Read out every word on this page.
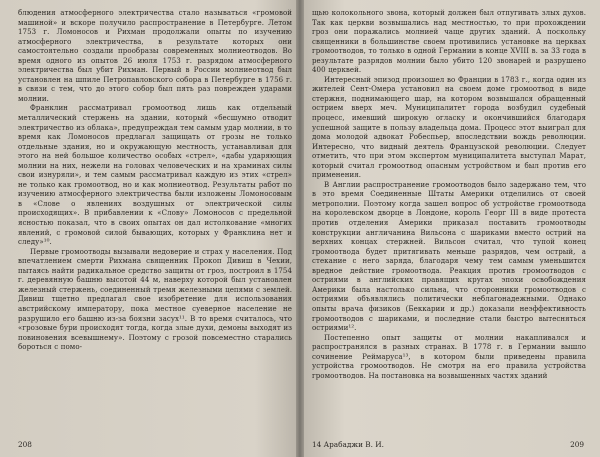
блюдения атмосферного электричества стало называться «громовой машиной» и вскоре получило распространение в Петербурге. Летом 1753 г. Ломоносов и Рихман продолжали опыты по изучению атмосферного электричества, в результате которых они самостоятельно создали прообразы современных молниеотводов. Во время одного из опытов 26 июля 1753 г. разрядом атмосферного электричества был убит Рихман. Первый в России молниеотвод был установлен на шпиле Петропавловского собора в Петербурге в 1756 г. в связи с тем, что до этого собор был пять раз поврежден ударами молнии.

Франклин рассматривал громоотвод лишь как отдельный металлический стержень на здании, который «бесшумно отводит электричество из облака», предупреждая тем самым удар молнии, в то время как Ломоносов предлагал защищать от грозы не только отдельные здания, но и окружающую местность, устанавливая для этого на ней большое количество особых «стрел», «дабы ударяющия молнии на них, нежели на головах человеческих и на храминах силы свои изнуряли», и тем самым рассматривал каждую из этих «стрел» не только как громоотвод, но и как молниеотвод. Результаты работ по изучению атмосферного электричества были изложены Ломоносовым в «Слове о явлениях воздушных от электрической силы происходящих». В прибавлении к «Слову» Ломоносов с предельной ясностью показал, что в своих опытах он дал истолкование «многих явлений, с громовой силой бывающих, которых у Франклина нет и следу»¹⁰.

Первые громоотводы вызывали недоверие и страх у населения. Под впечатлением смерти Рихмана священник Прокоп Дивиш в Чехии, пытаясь найти радикальное средство защиты от гроз, построил в 1754 г. деревянную башню высотой 44 м, наверху которой был установлен железный стержень, соединенный тремя железными цепями с землей. Дивиш тщетно предлагал свое изобретение для использования австрийскому императору, пока местное суеверное население не разрушило его башню из-за боязни засух¹¹. В то время считалось, что «грозовые бури происходят тогда, когда злые духи, демоны выходят из повиновения всевышнему». Поэтому с грозой повсеместно старались бороться с помо-

208

щью колокольного звона, который должен был отпугивать злых духов. Так как церкви возвышались над местностью, то при прохождении гроз они поражались молнией чаще других зданий. А поскольку священники в большинстве своем противились установке на церквах громоотводов, то только в одной Германии в конце XVIII в. за 33 года в результате разрядов молнии было убито 120 звонарей и разрушено 400 церквей.

Интересный эпизод произошел во Франции в 1783 г., когда один из жителей Сент-Омера установил на своем доме громоотвод в виде стержня, поднимающего шар, на котором возвышался обращенный острием вверх меч. Муниципалитет города возбудил судебный процесс, имевший широкую огласку и окончившийся благодаря успешной защите в пользу владельца дома. Процесс этот выиграл для дома молодой адвокат Робеспьер, впоследствии вождь революции. Интересно, что видный деятель Французской революции. Следует отметить, что при этом экспертом муниципалитета выступал Марат, который считал громоотвод опасным устройством и был против его применения.

В Англии распространение громоотводов было задержано тем, что в это время Соединенные Штаты Америки отделились от своей метрополии. Поэтому когда зашел вопрос об устройстве громоотвода на королевском дворце в Лондоне, король Георг III в виде протеста против отделения Америки приказал поставить громоотводы конструкции англичанина Вильсона с шариками вместо острий на верхних концах стержней. Вильсон считал, что тупой конец громоотвода будет притягивать меньше разрядов, чем острый, а стекание с него заряда, благодаря чему тем самым уменьшится вредное действие громоотвода. Реакция против громоотводов с остриями в английских правящих кругах эпохи освобождения Америки была настолько сильна, что сторонники громоотводов с остриями объявлялись политически неблагонадежными. Однако опыты врача физиков (Беккарии и др.) доказали неэффективность громоотводов с шариками, и последние стали быстро вытесняться остриями¹².

Постепенно опыт защиты от молнии накапливался и распространялся в разных странах. В 1778 г. в Германии вышло сочинение Реймаруса¹³, в котором были приведены правила устройства громоотводов. Не смотря на его правила устройства громоотводов. На постановка на возвышенных частях зданий

14 Арабаджи В. И.	209
